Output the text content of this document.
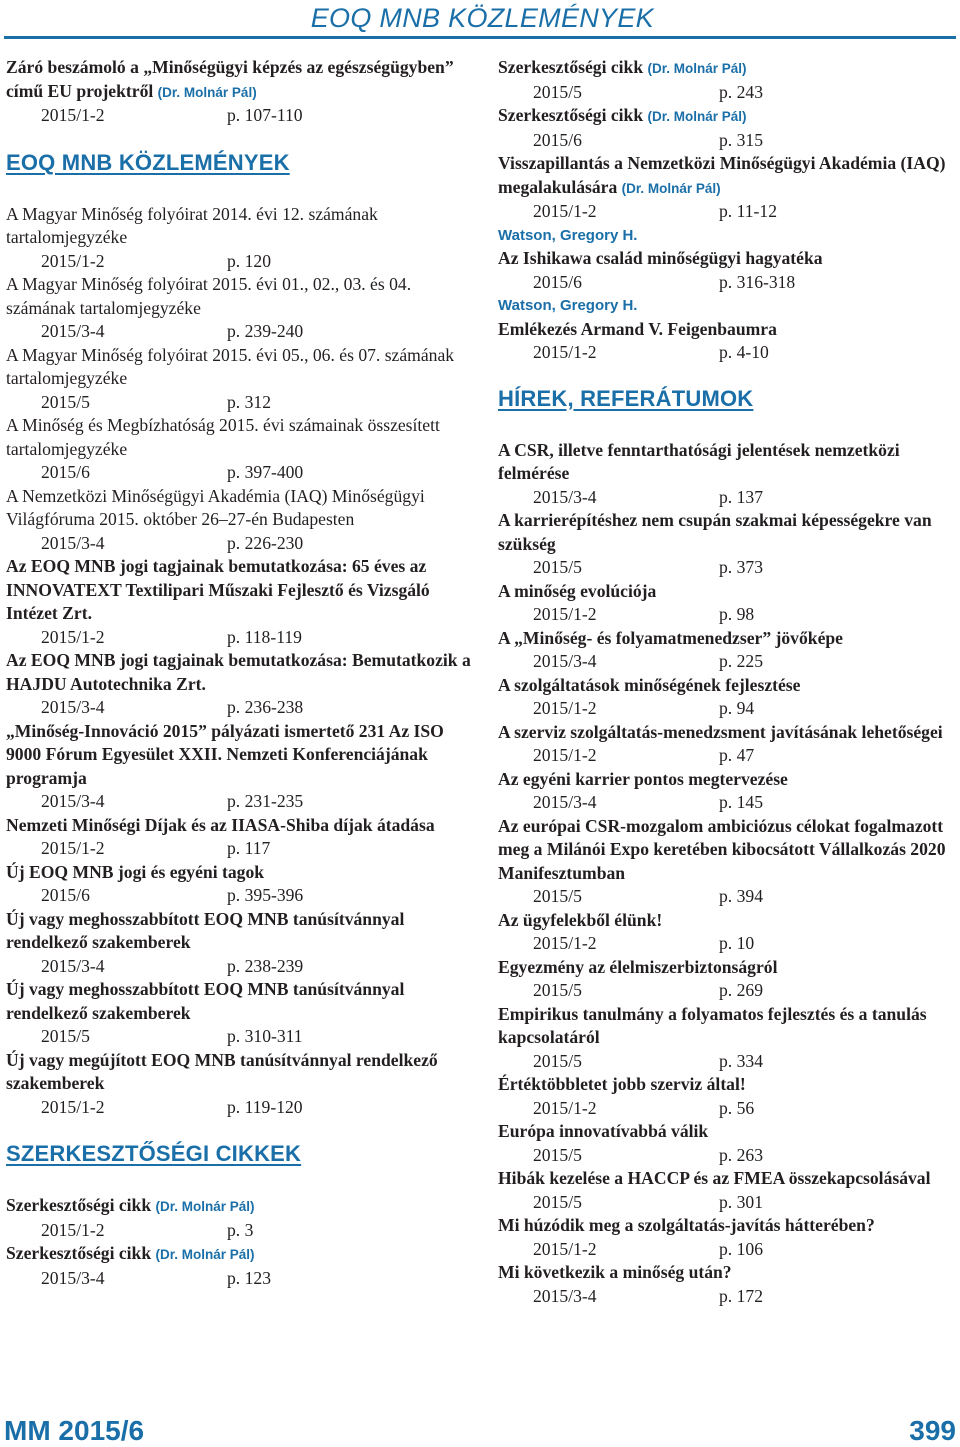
EOQ MNB KÖZLEMÉNYEK
Záró beszámoló a „Minőségügyi képzés az egészségügyben” című EU projektről (Dr. Molnár Pál)
2015/1-2	p. 107-110
EOQ MNB KÖZLEMÉNYEK
A Magyar Minőség folyóirat 2014. évi 12. számának tartalomjegyzéke
2015/1-2	p. 120
A Magyar Minőség folyóirat 2015. évi 01., 02., 03. és 04. számának tartalomjegyzéke
2015/3-4	p. 239-240
A Magyar Minőség folyóirat 2015. évi 05., 06. és 07. számának tartalomjegyzéke
2015/5	p. 312
A Minőség és Megbízhatóság 2015. évi számainak összesített tartalomjegyzéke
2015/6	p. 397-400
A Nemzetközi Minőségügyi Akadémia (IAQ) Minőségügyi Világfóruma 2015. október 26–27-én Budapesten
2015/3-4	p. 226-230
Az EOQ MNB jogi tagjainak bemutatkozása: 65 éves az INNOVATEXT Textilipari Műszaki Fejlesztő és Vizsgáló Intézet Zrt.
2015/1-2	p. 118-119
Az EOQ MNB jogi tagjainak bemutatkozása: Bemutatkozik a HAJDU Autotechnika Zrt.
2015/3-4	p. 236-238
„Minőség-Innováció 2015” pályázati ismertető 231 Az ISO 9000 Fórum Egyesület XXII. Nemzeti Konferenciájának programja
2015/3-4	p. 231-235
Nemzeti Minőségi Díjak és az IIASA-Shiba díjak átadása
2015/1-2	p. 117
Új EOQ MNB jogi és egyéni tagok
2015/6	p. 395-396
Új vagy meghosszabbított EOQ MNB tanúsítvánnyal rendelkező szakemberek
2015/3-4	p. 238-239
Új vagy meghosszabbított EOQ MNB tanúsítvánnyal rendelkező szakemberek
2015/5	p. 310-311
Új vagy megújított EOQ MNB tanúsítvánnyal rendelkező szakemberek
2015/1-2	p. 119-120
SZERKESZTŐSÉGI CIKKEK
Szerkesztőségi cikk (Dr. Molnár Pál)
2015/1-2	p. 3
Szerkesztőségi cikk (Dr. Molnár Pál)
2015/3-4	p. 123
Szerkesztőségi cikk (Dr. Molnár Pál)
2015/5	p. 243
Szerkesztőségi cikk (Dr. Molnár Pál)
2015/6	p. 315
Visszapillantás a Nemzetközi Minőségügyi Akadémia (IAQ) megalakulására (Dr. Molnár Pál)
2015/1-2	p. 11-12
Watson, Gregory H.
Az Ishikawa család minőségügyi hagyatéka
2015/6	p. 316-318
Watson, Gregory H.
Emlékezés Armand V. Feigenbaumra
2015/1-2	p. 4-10
HÍREK, REFERÁTUMOK
A CSR, illetve fenntarthatósági jelentések nemzetközi felmérése
2015/3-4	p. 137
A karrierépítéshez nem csupán szakmai képességekre van szükség
2015/5	p. 373
A minőség evolúciója
2015/1-2	p. 98
A „Minőség- és folyamatmenedzser” jövőképe
2015/3-4	p. 225
A szolgáltatások minőségének fejlesztése
2015/1-2	p. 94
A szerviz szolgáltatás-menedzsment javításának lehetőségei
2015/1-2	p. 47
Az egyéni karrier pontos megtervezése
2015/3-4	p. 145
Az európai CSR-mozgalom ambiciózus célokat fogalmazott meg a Milánói Expo keretében kibocsátott Vállalkozás 2020 Manifesztumban
2015/5	p. 394
Az ügyfelekből élünk!
2015/1-2	p. 10
Egyezmény az élelmiszerbiztonságról
2015/5	p. 269
Empirikus tanulmány a folyamatos fejlesztés és a tanulás kapcsolatáról
2015/5	p. 334
Értéktöbbletet jobb szerviz által!
2015/1-2	p. 56
Európa innovatívabbá válik
2015/5	p. 263
Hibák kezelése a HACCP és az FMEA összekapcsolásával
2015/5	p. 301
Mi húzódik meg a szolgáltatás-javítás hátterében?
2015/1-2	p. 106
Mi következik a minőség után?
2015/3-4	p. 172
MM 2015/6	399
